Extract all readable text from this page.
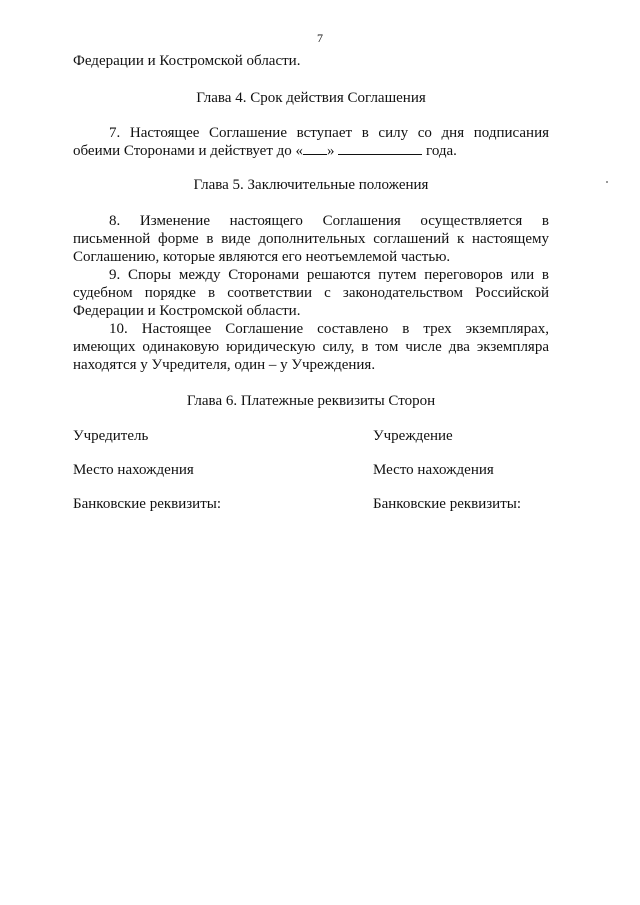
7

Федерации и Костромской области.

Глава 4. Срок действия Соглашения

7. Настоящее Соглашение вступает в силу со дня подписания обеими Сторонами и действует до « »	года.

Глава 5. Заключительные положения

8. Изменение настоящего Соглашения осуществляется в письменной форме в виде дополнительных соглашений к настоящему Соглашению, которые являются его неотъемлемой частью.

9. Споры между Сторонами решаются путем переговоров или в судебном порядке в соответствии с законодательством Российской Федерации и Костромской области.

10. Настоящее Соглашение составлено в трех экземплярах, имеющих одинаковую юридическую силу, в том числе два экземпляра находятся у Учредителя, один – у Учреждения.

Глава 6. Платежные реквизиты Сторон

Учредитель	Учреждение
Место нахождения	Место нахождения
Банковские реквизиты:	Банковские реквизиты:
